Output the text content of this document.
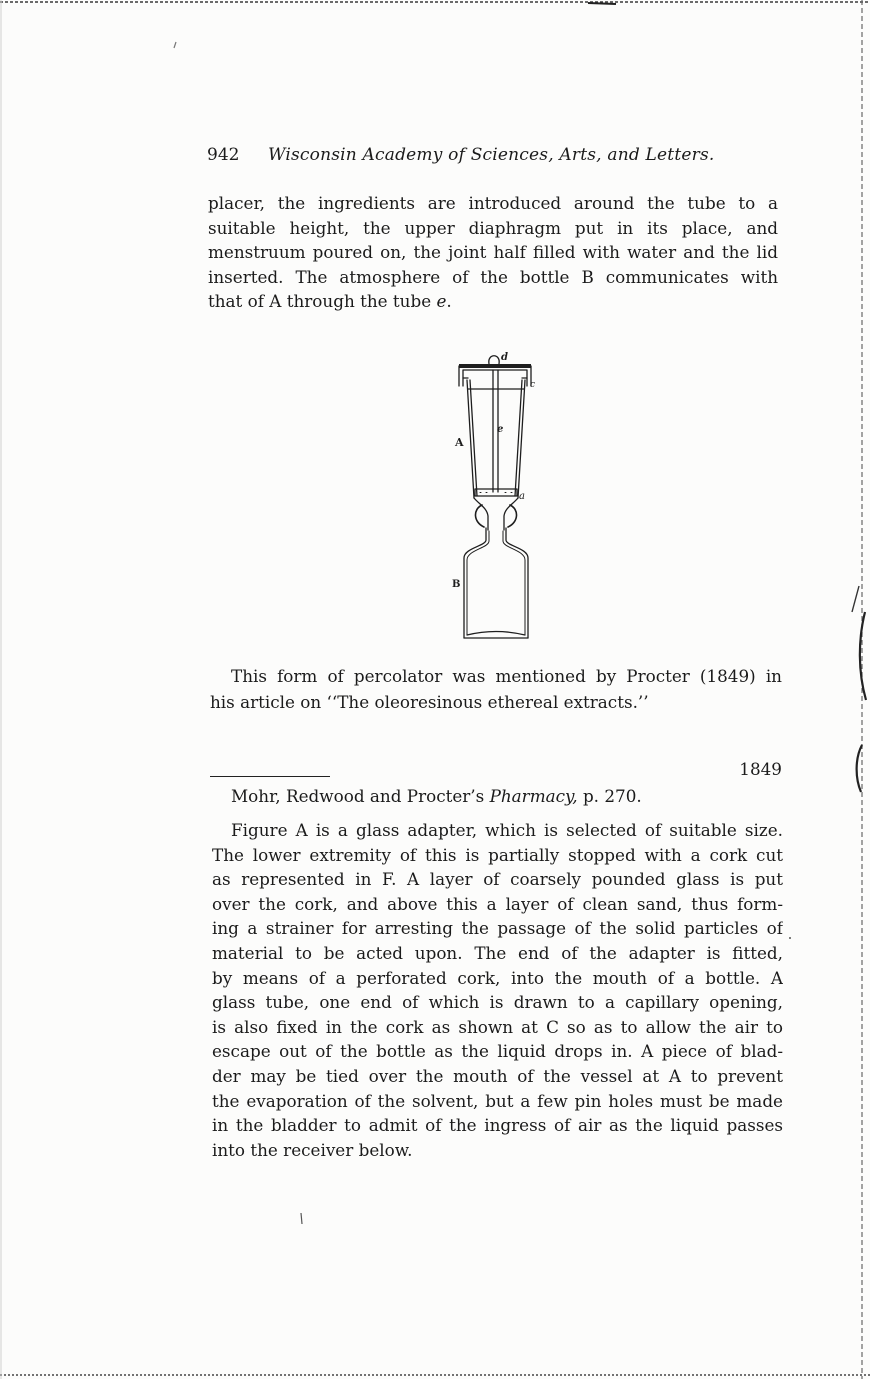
942 Wisconsin Academy of Sciences, Arts, and Letters.
placer, the ingredients are introduced around the tube to a
suitable height, the upper diaphragm put in its place, and
menstruum poured on, the joint half filled with water and the lid
inserted. The atmosphere of the bottle B communicates with
that of A through the tube e.
d
c
A
e
a
B
This form of percolator was mentioned by Procter (1849) in
his article on ‘‘The oleoresinous ethereal extracts.’’
1849
Mohr, Redwood and Procter’s Pharmacy, p. 270.
Figure A is a glass adapter, which is selected of suitable size.
The lower extremity of this is partially stopped with a cork cut
as represented in F. A layer of coarsely pounded glass is put
over the cork, and above this a layer of clean sand, thus form-
ing a strainer for arresting the passage of the solid particles of
material to be acted upon. The end of the adapter is fitted,
by means of a perforated cork, into the mouth of a bottle. A
glass tube, one end of which is drawn to a capillary opening,
is also fixed in the cork as shown at C so as to allow the air to
escape out of the bottle as the liquid drops in. A piece of blad-
der may be tied over the mouth of the vessel at A to prevent
the evaporation of the solvent, but a few pin holes must be made
in the bladder to admit of the ingress of air as the liquid passes
into the receiver below.
